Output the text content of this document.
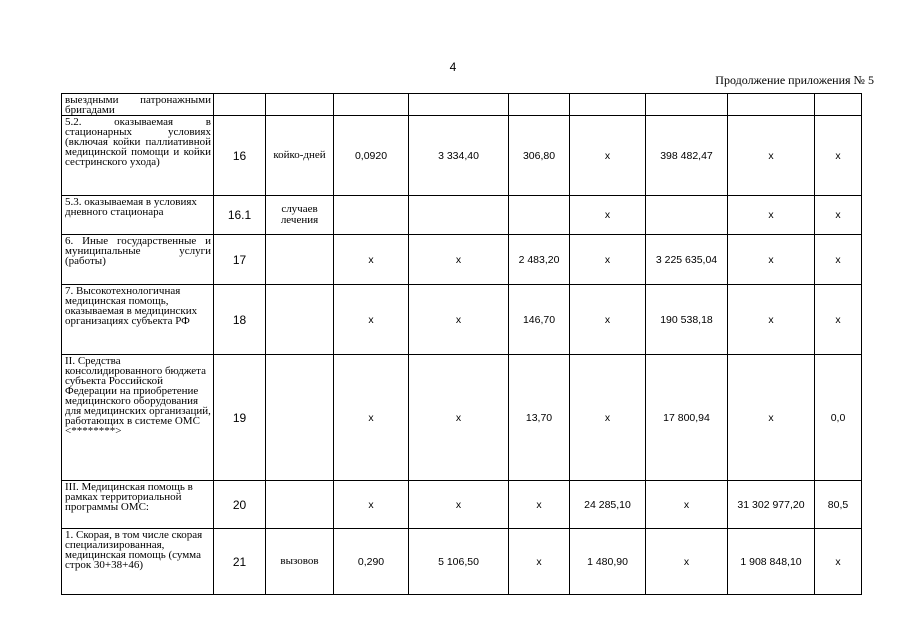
4
Продолжение приложения № 5
выездными патронажными бригадами									
5.2. оказываемая в стационарных условиях (включая койки паллиативной медицинской помощи и койки сестринского ухода)	16	койко-дней	0,0920	3 334,40	306,80	х	398 482,47	х	х
5.3. оказываемая в условиях дневного стационара	16.1	случаев лечения				х		х	х
6. Иные государственные и муниципальные услуги (работы)	17		х	х	2 483,20	х	3 225 635,04	х	х
7. Высокотехнологичная медицинская помощь, оказываемая в медицинских организациях субъекта РФ	18		х	х	146,70	х	190 538,18	х	х
II. Средства консолидированного бюджета субъекта Российской Федерации на приобретение медицинского оборудования для медицинских организаций, работающих в системе ОМС <********>	19		х	х	13,70	х	17 800,94	х	0,0
III. Медицинская помощь в рамках территориальной программы ОМС:	20		х	х	х	24 285,10	х	31 302 977,20	80,5
1. Скорая, в том числе скорая специализированная, медицинская помощь (сумма строк 30+38+46)	21	вызовов	0,290	5 106,50	х	1 480,90	х	1 908 848,10	х
